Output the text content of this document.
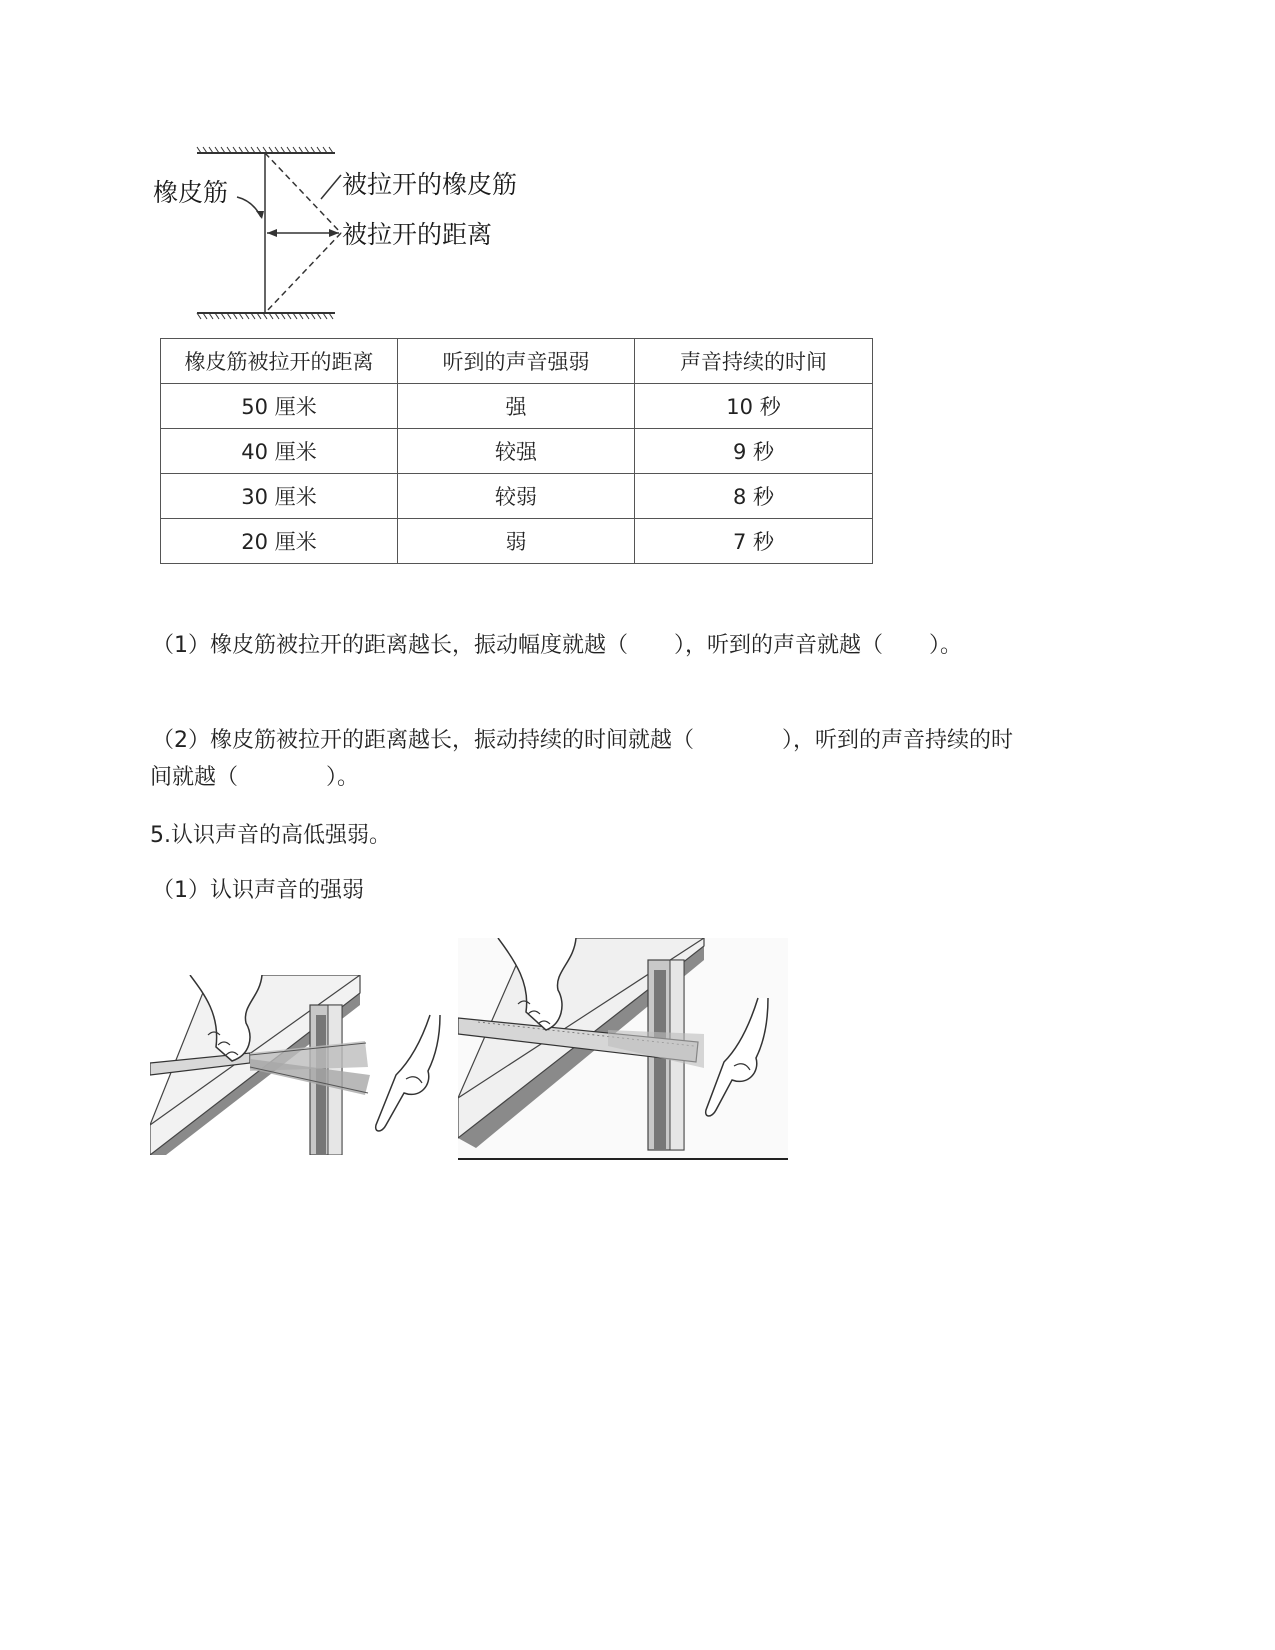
橡皮筋	被拉开的橡皮筋
被拉开的距离
橡皮筋被拉开的距离	听到的声音强弱	声音持续的时间
50 厘米	强	10 秒
40 厘米	较强	9 秒
30 厘米	较弱	8 秒
20 厘米	弱	7 秒
（1）橡皮筋被拉开的距离越长，振动幅度就越（ ），听到的声音就越（ ）。
（2）橡皮筋被拉开的距离越长，振动持续的时间就越（	），听到的声音持续的时
间就越（	）。
5.认识声音的高低强弱。
（1）认识声音的强弱
